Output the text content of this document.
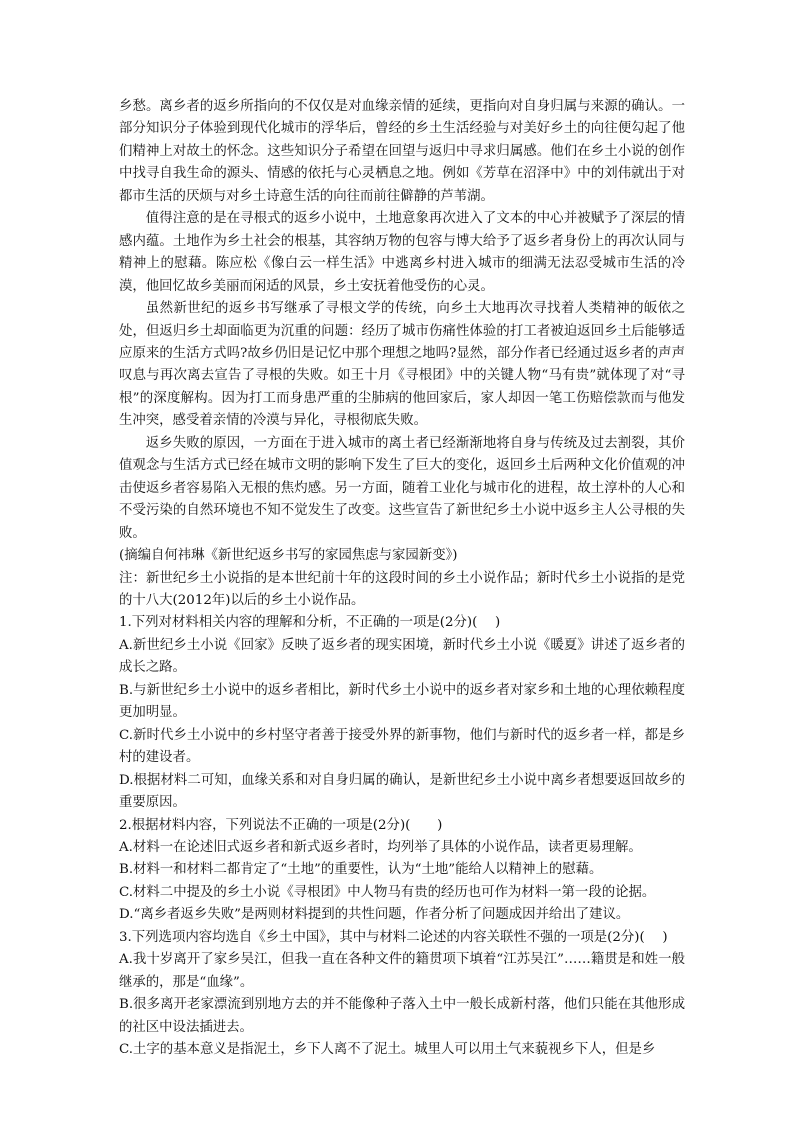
乡愁。离乡者的返乡所指向的不仅仅是对血缘亲情的延续，更指向对自身归属与来源的确认。一部分知识分子体验到现代化城市的浮华后，曾经的乡土生活经验与对美好乡土的向往便勾起了他们精神上对故土的怀念。这些知识分子希望在回望与返归中寻求归属感。他们在乡土小说的创作中找寻自我生命的源头、情感的依托与心灵栖息之地。例如《芳草在沼泽中》中的刘伟就出于对都市生活的厌烦与对乡土诗意生活的向往而前往僻静的芦苇湖。

值得注意的是在寻根式的返乡小说中，土地意象再次进入了文本的中心并被赋予了深层的情感内蕴。土地作为乡土社会的根基，其容纳万物的包容与博大给予了返乡者身份上的再次认同与精神上的慰藉。陈应松《像白云一样生活》中逃离乡村进入城市的细满无法忍受城市生活的冷漠，他回忆故乡美丽而闲适的风景，乡土安抚着他受伤的心灵。

虽然新世纪的返乡书写继承了寻根文学的传统，向乡土大地再次寻找着人类精神的皈依之处，但返归乡土却面临更为沉重的问题：经历了城市伤痛性体验的打工者被迫返回乡土后能够适应原来的生活方式吗?故乡仍旧是记忆中那个理想之地吗?显然，部分作者已经通过返乡者的声声叹息与再次离去宣告了寻根的失败。如王十月《寻根团》中的关键人物“马有贵”就体现了对“寻根”的深度解构。因为打工而身患严重的尘肺病的他回家后，家人却因一笔工伤赔偿款而与他发生冲突，感受着亲情的冷漠与异化，寻根彻底失败。

返乡失败的原因，一方面在于进入城市的离土者已经渐渐地将自身与传统及过去割裂，其价值观念与生活方式已经在城市文明的影响下发生了巨大的变化，返回乡土后两种文化价值观的冲击使返乡者容易陷入无根的焦灼感。另一方面，随着工业化与城市化的进程，故土淳朴的人心和不受污染的自然环境也不知不觉发生了改变。这些宣告了新世纪乡土小说中返乡主人公寻根的失败。

(摘编自何祎琳《新世纪返乡书写的家园焦虑与家园新变》)

注：新世纪乡土小说指的是本世纪前十年的这段时间的乡土小说作品；新时代乡土小说指的是党的十八大(2012年)以后的乡土小说作品。

1.下列对材料相关内容的理解和分析，不正确的一项是(2分)(　 )

A.新世纪乡土小说《回家》反映了返乡者的现实困境，新时代乡土小说《暖夏》讲述了返乡者的成长之路。

B.与新世纪乡土小说中的返乡者相比，新时代乡土小说中的返乡者对家乡和土地的心理依赖程度更加明显。

C.新时代乡土小说中的乡村坚守者善于接受外界的新事物，他们与新时代的返乡者一样，都是乡村的建设者。

D.根据材料二可知，血缘关系和对自身归属的确认，是新世纪乡土小说中离乡者想要返回故乡的重要原因。

2.根据材料内容，下列说法不正确的一项是(2分)(　　)

A.材料一在论述旧式返乡者和新式返乡者时，均列举了具体的小说作品，读者更易理解。

B.材料一和材料二都肯定了“土地”的重要性，认为“土地”能给人以精神上的慰藉。

C.材料二中提及的乡土小说《寻根团》中人物马有贵的经历也可作为材料一第一段的论据。

D.“离乡者返乡失败”是两则材料提到的共性问题，作者分析了问题成因并给出了建议。

3.下列选项内容均选自《乡土中国》，其中与材料二论述的内容关联性不强的一项是(2分)(　 )

A.我十岁离开了家乡吴江，但我一直在各种文件的籍贯项下填着“江苏吴江”……籍贯是和姓一般继承的，那是“血缘”。

B.很多离开老家漂流到别地方去的并不能像种子落入土中一般长成新村落，他们只能在其他形成的社区中设法插进去。

C.土字的基本意义是指泥土，乡下人离不了泥土。城里人可以用土气来藐视乡下人，但是乡
